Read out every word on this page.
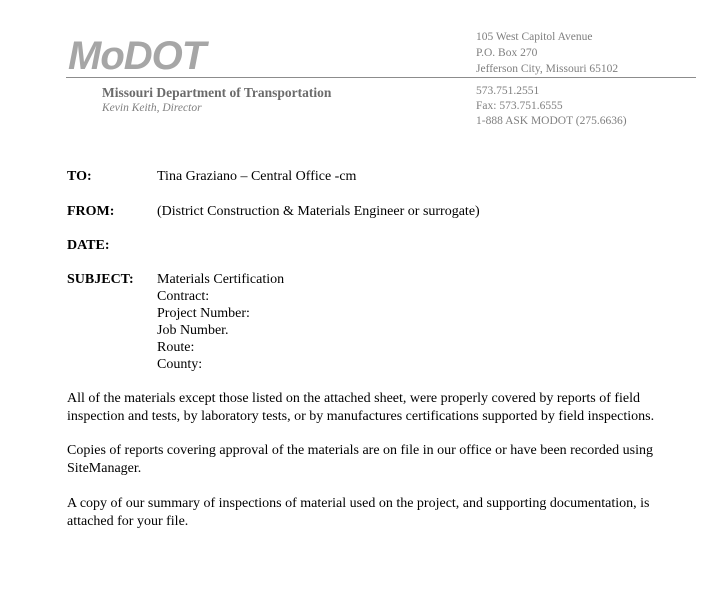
MoDOT	105 West Capitol Avenue
P.O. Box 270
Jefferson City, Missouri 65102
Missouri Department of Transportation
Kevin Keith, Director
573.751.2551
Fax: 573.751.6555
1-888 ASK MODOT (275.6636)
TO:	Tina Graziano – Central Office -cm
FROM:	(District Construction & Materials Engineer or surrogate)
DATE:
SUBJECT:	Materials Certification
Contract:
Project Number:
Job Number.
Route:
County:
All of the materials except those listed on the attached sheet, were properly covered by reports of field inspection and tests, by laboratory tests, or by manufactures certifications supported by field inspections.
Copies of reports covering approval of the materials are on file in our office or have been recorded using SiteManager.
A copy of our summary of inspections of material used on the project, and supporting documentation, is attached for your file.
